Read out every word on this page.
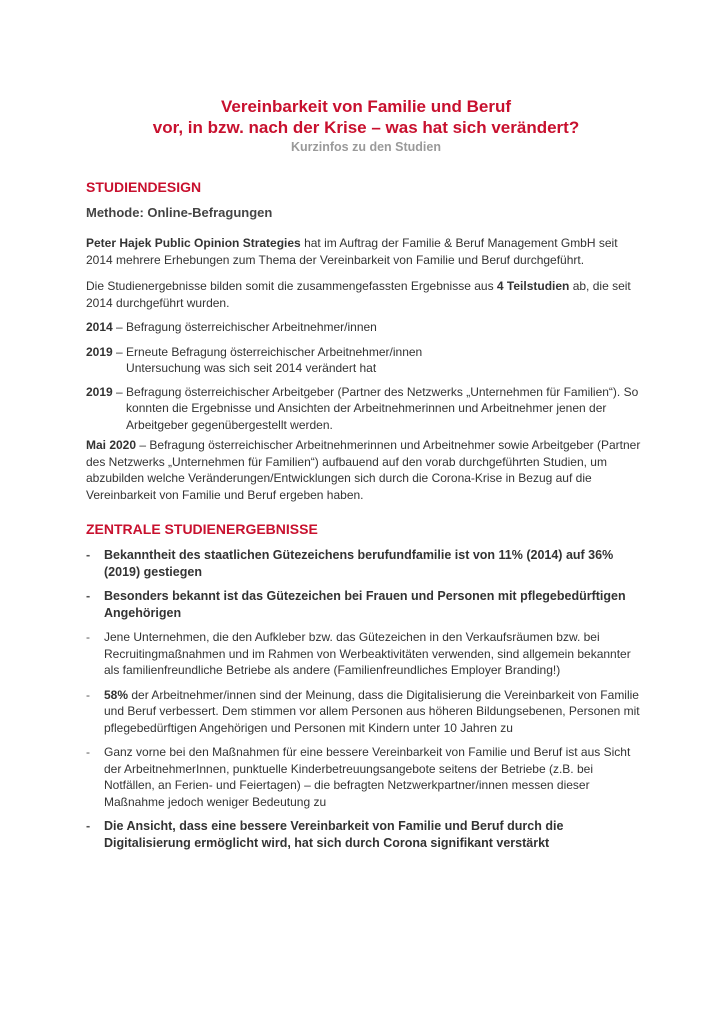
Vereinbarkeit von Familie und Beruf
vor, in bzw. nach der Krise – was hat sich verändert?
Kurzinfos zu den Studien
STUDIENDESIGN
Methode: Online-Befragungen

Peter Hajek Public Opinion Strategies hat im Auftrag der Familie & Beruf Management GmbH seit 2014 mehrere Erhebungen zum Thema der Vereinbarkeit von Familie und Beruf durchgeführt.

Die Studienergebnisse bilden somit die zusammengefassten Ergebnisse aus 4 Teilstudien ab, die seit 2014 durchgeführt wurden.

2014 – Befragung österreichischer Arbeitnehmer/innen
2019 – Erneute Befragung österreichischer Arbeitnehmer/innen
Untersuchung was sich seit 2014 verändert hat
2019 – Befragung österreichischer Arbeitgeber (Partner des Netzwerks „Unternehmen für Familien“). So konnten die Ergebnisse und Ansichten der Arbeitnehmerinnen und Arbeitnehmer jenen der Arbeitgeber gegenübergestellt werden.

Mai 2020 – Befragung österreichischer Arbeitnehmerinnen und Arbeitnehmer sowie Arbeitgeber (Partner des Netzwerks „Unternehmen für Familien“) aufbauend auf den vorab durchgeführten Studien, um abzubilden welche Veränderungen/Entwicklungen sich durch die Corona-Krise in Bezug auf die Vereinbarkeit von Familie und Beruf ergeben haben.

ZENTRALE STUDIENERGEBNISSE
- Bekanntheit des staatlichen Gütezeichens berufundfamilie ist von 11% (2014) auf 36% (2019) gestiegen
- Besonders bekannt ist das Gütezeichen bei Frauen und Personen mit pflegebedürftigen Angehörigen
- Jene Unternehmen, die den Aufkleber bzw. das Gütezeichen in den Verkaufsräumen bzw. bei Recruitingmaßnahmen und im Rahmen von Werbeaktivitäten verwenden, sind allgemein bekannter als familienfreundliche Betriebe als andere (Familienfreundliches Employer Branding!)
- 58% der Arbeitnehmer/innen sind der Meinung, dass die Digitalisierung die Vereinbarkeit von Familie und Beruf verbessert. Dem stimmen vor allem Personen aus höheren Bildungsebenen, Personen mit pflegebedürftigen Angehörigen und Personen mit Kindern unter 10 Jahren zu
- Ganz vorne bei den Maßnahmen für eine bessere Vereinbarkeit von Familie und Beruf ist aus Sicht der ArbeitnehmerInnen, punktuelle Kinderbetreuungsangebote seitens der Betriebe (z.B. bei Notfällen, an Ferien- und Feiertagen) – die befragten Netzwerkpartner/innen messen dieser Maßnahme jedoch weniger Bedeutung zu
- Die Ansicht, dass eine bessere Vereinbarkeit von Familie und Beruf durch die Digitalisierung ermöglicht wird, hat sich durch Corona signifikant verstärkt
